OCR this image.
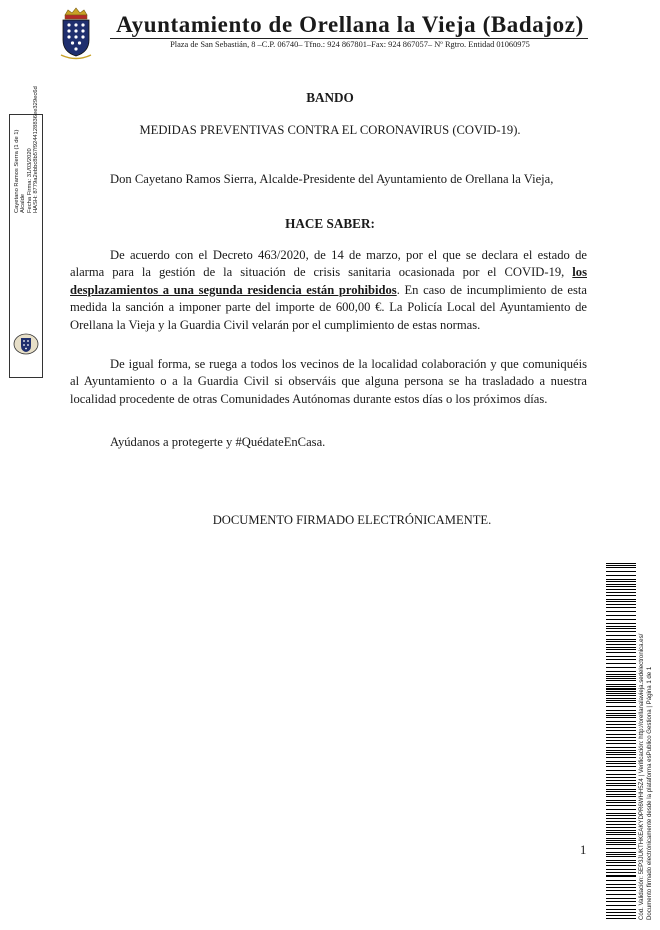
Ayuntamiento de Orellana la Vieja (Badajoz)
Plaza de San Sebastián, 8 –C.P. 06740– Tfno.: 924 867801–Fax: 924 867057– Nº Rgtro. Entidad 01060975
Cayetano Ramos Sierra (1 de 1) Alcalde Fecha Firma: 31/03/2020 HASH: 8779a2ebbc8b57f9244128836ee329ec6d	BANDO
MEDIDAS PREVENTIVAS CONTRA EL CORONAVIRUS (COVID-19).
Don Cayetano Ramos Sierra, Alcalde-Presidente del Ayuntamiento de Orellana la Vieja,
HACE SABER:

De acuerdo con el Decreto 463/2020, de 14 de marzo, por el que se declara el estado de alarma para la gestión de la situación de crisis sanitaria ocasionada por el COVID-19, los desplazamientos a una segunda residencia están prohibidos. En caso de incumplimiento de esta medida la sanción a imponer parte del importe de 600,00 €. La Policía Local del Ayuntamiento de Orellana la Vieja y la Guardia Civil velarán por el cumplimiento de estas normas.

De igual forma, se ruega a todos los vecinos de la localidad colaboración y que comuniquéis al Ayuntamiento o a la Guardia Civil si observáis que alguna persona se ha trasladado a nuestra localidad procedente de otras Comunidades Autónomas durante estos días o los próximos días.

Ayúdanos a protegerte y #QuédateEnCasa.
DOCUMENTO FIRMADO ELECTRÓNICAMENTE.
1	Cód. Validación: 5EP3JUKTHKEAKYDPR6WHH5Z4 | Verificación: http://orellanalavieja.sedelectronica.es/ Documento firmado electrónicamente desde la plataforma esPublico Gestiona | Página 1 de 1
